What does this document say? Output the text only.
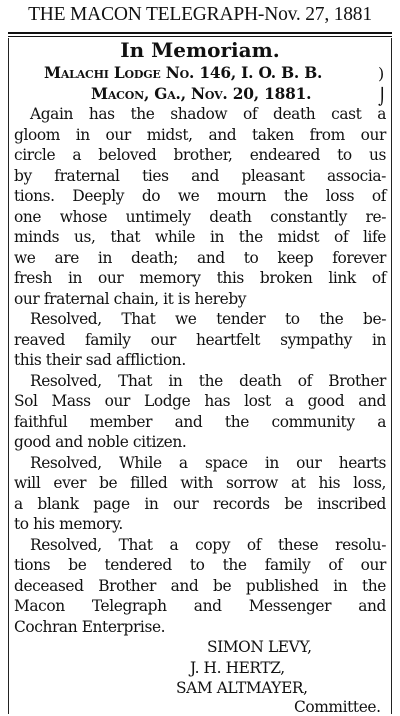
THE MACON TELEGRAPH-Nov. 27, 1881
In Memoriam.
Malachi Lodge No. 146, I. O. B. B.	)
Macon, Ga., Nov. 20, 1881.	⌡
Again has the shadow of death cast a
gloom in our midst, and taken from our
circle a beloved brother, endeared to us
by fraternal ties and pleasant associa-
tions. Deeply do we mourn the loss of
one whose untimely death constantly re-
minds us, that while in the midst of life
we are in death; and to keep forever
fresh in our memory this broken link of
our fraternal chain, it is hereby
Resolved, That we tender to the be-
reaved family our heartfelt sympathy in
this their sad affliction.
Resolved, That in the death of Brother
Sol Mass our Lodge has lost a good and
faithful member and the community a
good and noble citizen.
Resolved, While a space in our hearts
will ever be filled with sorrow at his loss,
a blank page in our records be inscribed
to his memory.
Resolved, That a copy of these resolu-
tions be tendered to the family of our
deceased Brother and be published in the
Macon Telegraph and Messenger and
Cochran Enterprise.
SIMON LEVY,
J. H. HERTZ,
SAM ALTMAYER,
Committee.
